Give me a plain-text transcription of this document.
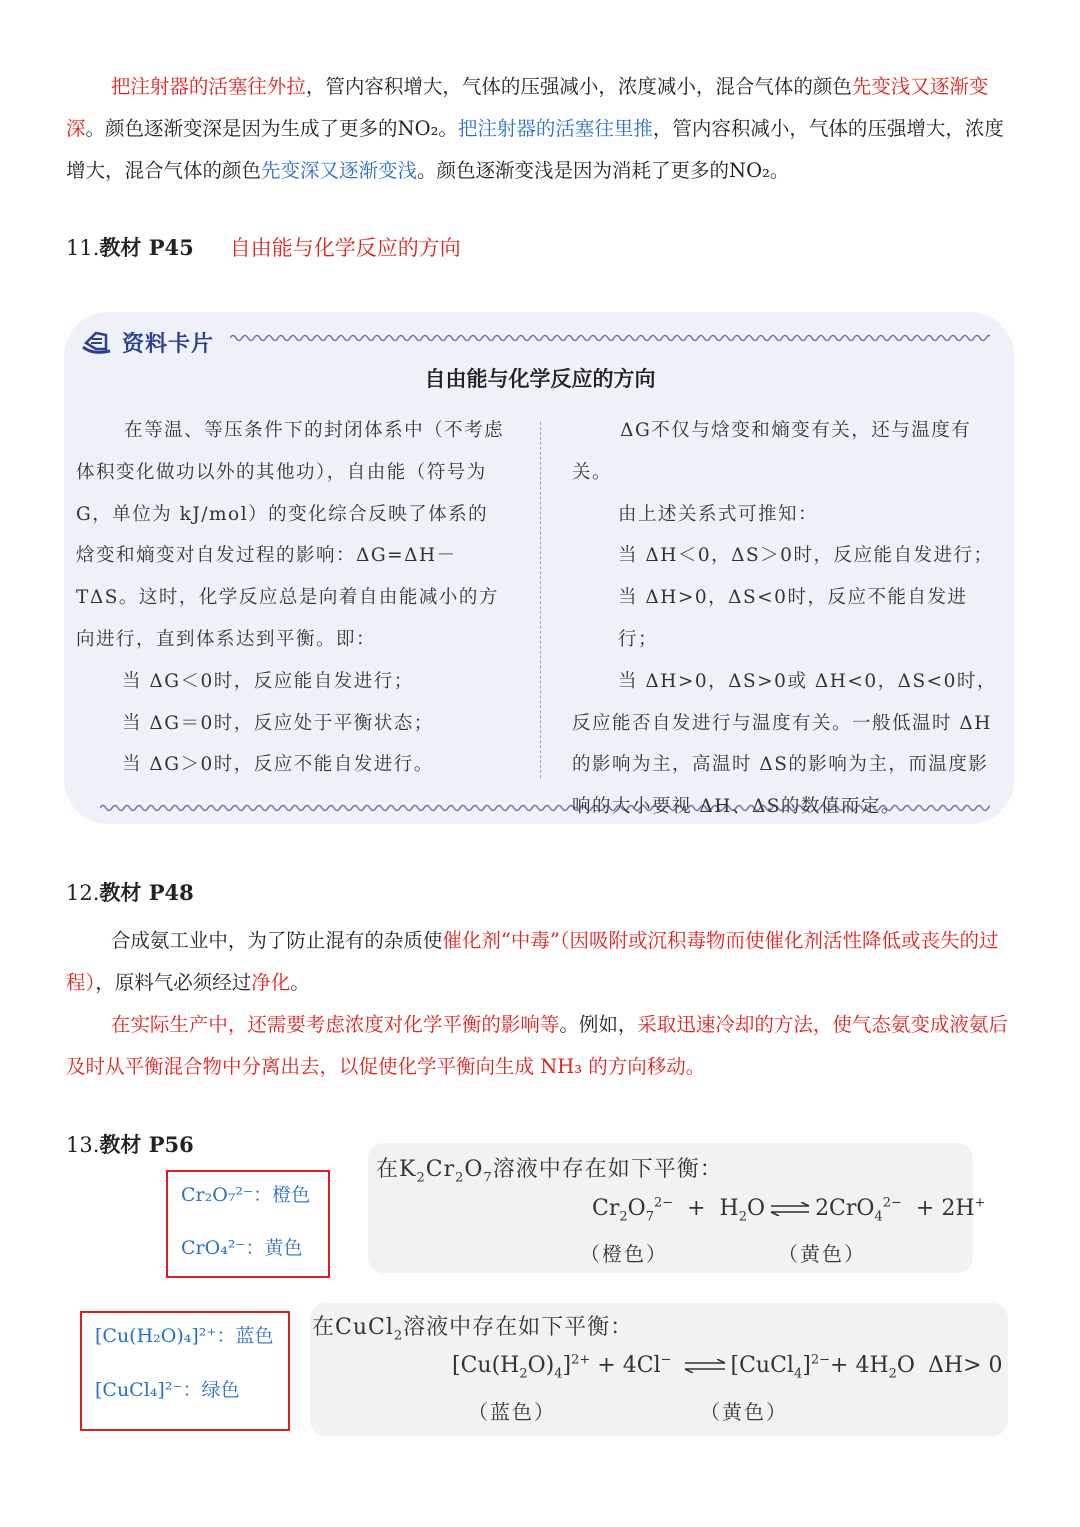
把注射器的活塞往外拉，管内容积增大，气体的压强减小，浓度减小，混合气体的颜色先变浅又逐渐变深。颜色逐渐变深是因为生成了更多的NO₂。把注射器的活塞往里推，管内容积减小，气体的压强增大，浓度增大，混合气体的颜色先变深又逐渐变浅。颜色逐渐变浅是因为消耗了更多的NO₂。

11.教材 P45 自由能与化学反应的方向
资料卡片
自由能与化学反应的方向

在等温、等压条件下的封闭体系中（不考虑体积变化做功以外的其他功），自由能（符号为G，单位为 kJ/mol）的变化综合反映了体系的焓变和熵变对自发过程的影响：ΔG=ΔH－TΔS。这时，化学反应总是向着自由能减小的方向进行，直到体系达到平衡。即：

当 ΔG＜0时，反应能自发进行；

当 ΔG＝0时，反应处于平衡状态；

当 ΔG＞0时，反应不能自发进行。

ΔG不仅与焓变和熵变有关，还与温度有关。

由上述关系式可推知：

当 ΔH＜0，ΔS＞0时，反应能自发进行；

当 ΔH>0，ΔS<0时，反应不能自发进行；

当 ΔH>0，ΔS>0或 ΔH<0，ΔS<0时，反应能否自发进行与温度有关。一般低温时 ΔH的影响为主，高温时 ΔS的影响为主，而温度影响的大小要视 ΔH、ΔS的数值而定。

12.教材 P48

合成氨工业中，为了防止混有的杂质使催化剂“中毒”（因吸附或沉积毒物而使催化剂活性降低或丧失的过程），原料气必须经过净化。

在实际生产中，还需要考虑浓度对化学平衡的影响等。例如，采取迅速冷却的方法，使气态氨变成液氨后及时从平衡混合物中分离出去，以促使化学平衡向生成 NH₃ 的方向移动。

13.教材 P56

Cr₂O₇²⁻：橙色

CrO₄²⁻：黄色

在$K_2Cr_2O_7$溶液中存在如下平衡：
$Cr_2O_7^{2-} + H_2O$ ⇌ 2CrO$_4^{2-}$  + 2H+
（橙色）	（黄色）

[Cu(H₂O)₄]²⁺：蓝色

[CuCl₄]²⁻：绿色

在CuCl$_2$溶液中存在如下平衡：
$[Cu(H_2O)_4]^{2+} + 4Cl^-$ ⇌ [CuCl$_4$]$^{2-}$+ $4H_2O$ ΔH> 0
（蓝色）	（黄色）
